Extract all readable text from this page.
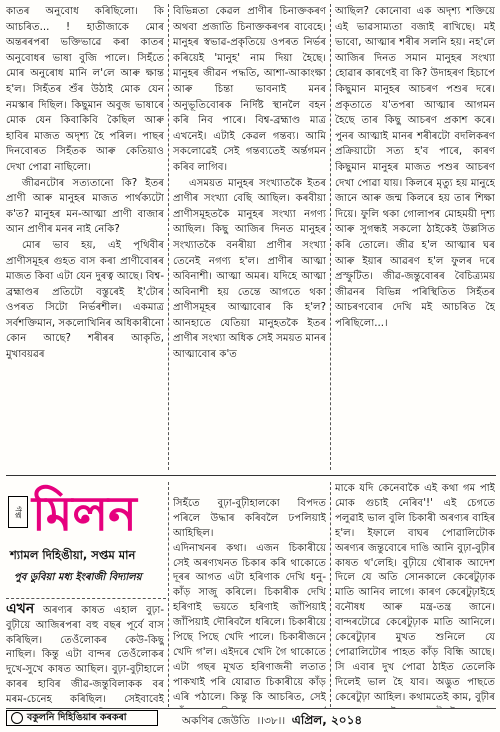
কাতৰ অনুবোধ কৰিছিলো। কি আচৰিত... ! হাতীজাকে মোৰ অন্তৰৰপৰা ভক্তিভাৱে কৰা কাতৰ অনুবোধৰ ভাষা বুজি পালে। সিহঁতে মোৰ অনুৰোধ মানি ল'লে আৰু ক্ষান্ত হ'ল। সিহঁতৰ শুঁৰ উঠাই মোক যেন নমস্কাৰ দিছিল। কিছুমান অবুজ ভাষাৰে মোক যেন কিবাকিবি কৈছিল আৰু হাবিৰ মাজত অদৃশ্য হৈ পৰিল। পাছৰ দিনবোৰত সিহঁতক আৰু কেতিয়াও দেখা পোৱা নাছিলো।

জীৱনটোৰ সত্যতানো কি? ইতৰ প্ৰাণী আৰু মানুহৰ মাজত পাৰ্থক্যটো ক'ত? মানুহৰ মন-আত্মা প্ৰাণী বাজাৰ আন প্ৰাণীৰ মনৰ নাই নেকি?

মোৰ ভাব হয়, এই পৃথিবীৰ প্ৰাণীসমূহৰ গুহত বাস কৰা প্ৰাণীবোৰৰ মাজত কিবা এটা যেন দুৰত্ব আছে। বিশ্ব-ব্ৰহ্মাণ্ডৰ প্ৰতিটো বস্তুৰেই ই'টোৰ ওপৰত সিটো নিৰ্ভৰশীল। একমাত্ৰ সৰ্বশক্তিমান, সকলোখিনিৰ অধিকাৰীনো কোন আছে? শৰীৰৰ আকৃতি, মুখাবয়ৱৰ

বিভিন্নতা কেৱল প্ৰাণীৰ চিনাক্তকৰণ অথবা প্ৰজাতি চিনাক্তকৰণৰ বাবেহে। মানুহৰ স্বভাৱ-প্ৰকৃতিয়ে ওপৰত নিৰ্ভৰ কৰিয়েই 'মানুহ' নাম দিয়া হৈছে। মানুহৰ জীৱন পদ্ধতি, আশা-আকাংক্ষা আৰু চিন্তা ভাবনাই মনৰ অনুভূতিবোৰক নিৰ্দিষ্ট স্থানলৈ বহন কৰি নিব পাৰে। বিশ্ব-ব্ৰহ্মাণ্ড মাত্ৰ এখনেই। এটাই কেৱল গন্তব্য। আমি সকলোৱেই সেই গন্তব্যতেই অৰ্ন্তগমন কৰিব লাগিব।

এসময়ত মানুহৰ সংখ্যাতকৈ ইতৰ প্ৰাণীৰ সংখ্যা বেছি আছিল। কৰবীয়া প্ৰাণীসমূহতকৈ মানুহৰ সংখ্যা নগণ্য আছিল। কিছু আজিৰ দিনত মানুহৰ সংখ্যাতকৈ বনৰীয়া প্ৰাণীৰ সংখ্যা তেনেই নগণ্য হ'ল। প্ৰাণীৰ আত্মা অবিনাশী। আত্মা অমৰ। যদিহে আত্মা অবিনাশী হয় তেন্তে আগতে থকা প্ৰাণীসমূহৰ আত্মাবোৰ কি হ'ল? আনহাতে যেতিয়া মানুহতকৈ ইতৰ প্ৰাণীৰ সংখ্যা অধিক সেই সময়ত মানৰ আত্মাবোৰ ক'ত

আছিল? কোনোবা এক অদৃশ্য শক্তিয়ে এই ভাৱসাম্যতা বজাই ৰাখিছে। মই ভাবো, আত্মাৰ শৰীৰ সলনি হয়। নহ'লে আজিৰ দিনত সমান মানুহৰ সংখ্যা হোৱাৰ কাৰণেই বা কি? উদাহৰণ হিচাপে কিছুমান মানুহৰ আচৰণ পশুৰ দৰে। প্ৰকৃতাতে য'তপৰা আত্মাৰ আগমন হৈছে তাৰ কিছু আচৰণ প্ৰকাশ কৰে। পুনৰ আত্মাই মানৰ শৰীৰটো বদলিকৰণ প্ৰক্ৰিয়াটো সত্য হ'ব পাৰে, কাৰণ কিছুমান মানুহৰ মাজত পশুৰ আচৰণ দেখা পোৱা যায়। কিলৰে মৃত্যু হয় মানুহে জানে আৰু জন্ম কিলৰে হয় তাৰ শিক্ষা দিয়ে। ফুলি থকা গোলাপৰ মোহময়ী দৃশ্য আৰু সুগন্ধই সকলো ঠাইকেই উল্লসিত কৰি তোলে। জীৱ হ'ল আত্মাৰ ঘৰ আৰু ইয়াৰ আৱৰণ হ'ল ফুলৰ দৰে প্ৰস্ফুটিত। জীৱ-জন্তুবোৰৰ বৈচিত্ৰ্যময় জীৱনৰ বিভিন্ন পৰিস্থিতিত সিহঁতৰ আচৰণবোৰ দেখি মই আচৰিত হৈ পৰিছিলো...।

গল্প মিলন
শ্যামল দিহিঙীয়া, সপ্তম মান
পুব ডুবিয়া মধ্য ইংৰাজী বিদ্যালয়

এখন অৰণ্যৰ কাষত এহাল বুঢ়া-বুঢ়ীয়ে আজিৰপৰা বহু বছৰ পূৰ্বে বাস কৰিছিল। তেওঁলোকৰ কেউ-কিছু নাছিল। কিন্তু এটা বান্দৰ তেওঁলোকৰ দুখে-সুখে কাষত আছিল। বুঢ়া-বুঢ়ীহালে কাৰৰ হাবিৰ জীৱ-জন্তুবিলাকক বৰ মৰম-চেনেহ কৰিছিল। সেইবাবেই

সিহঁতে বুঢ়া-বুঢ়ীহালকো বিপদত পৰিলে উদ্ধাৰ কৰিবলৈ ঢপলিয়াই আহিছিল।
এদিনাখনৰ কথা। এজন চিকাৰীয়ে সেই অৰণ্যখনত চিকাৰ কৰি থাকোতে দূৰৰ আগত এটা হৰিণাক দেখি ধনু-কাঁড় সাজু কৰিলে। চিকাৰীক দেখি হৰিণাই ভয়তে হৰিণাই জাঁপিয়াই জাঁপিয়াই দৌৰিবলৈ ধৰিলে। চিকাৰীয়ে পিছে পিছে খেদি পালে। চিকাৰীজনে খেদি গ'ল। এইদৰে খেদি গৈ থাকোতে এটা গছৰ মূখত হৰিণাজনী লতাত পাকখাই পৰি যোৱাত চিকাৰীয়ে কাঁড় এৰি পঠালে। কিন্তু কি আচৰিত, সেই

মাকে যদি কেনেবাকৈ এই কথা গম পাই মোক গুচাই নেৰিব'!' এই চেগতে পলুৱাই ভাল বুলি চিকাৰী অৰণ্যৰ বাহিৰ হ'ল। ইফালে বাঘৰ পোৱালিটোক অৰণ্যৰ জন্তুবোৰে দাঙি আনি বুঢ়া-বুঢ়ীৰ কাষত থ'লেহি। বুঢ়ীয়ে থৌৰাক আদেশ দিলে যে অতি সোনকালে কেৰেটুঢ়াক মাতি আনিব লাগে। কাৰণ কেৰেটুঢ়াইহে বনৌষধ আৰু মন্ত্ৰ-তন্ত্ৰ জানে। বান্দৰটোৱে কেৰেটুঢ়াক মাতি আনিলে। কেৰেটুঢ়াৰ মুখত শুনিলে যে পোৱালিটোৰ পাহত কাঁড় বিন্ধি আছে। সি এবাৰ দুখ পোৱা ঠাইত তেলেকি দিলেই ভাল হৈ যাব। অদ্ভুত পাছতে কেৰেটুঢ়া আহিল। কথামতেই কাম, বুঢ়ীৰ

বকুলনি দিহিঙিয়াৰ কৰকৰা	অকণিৰ জেউতি  ।।৩৮।।  এপ্ৰিল, ২০১৪
